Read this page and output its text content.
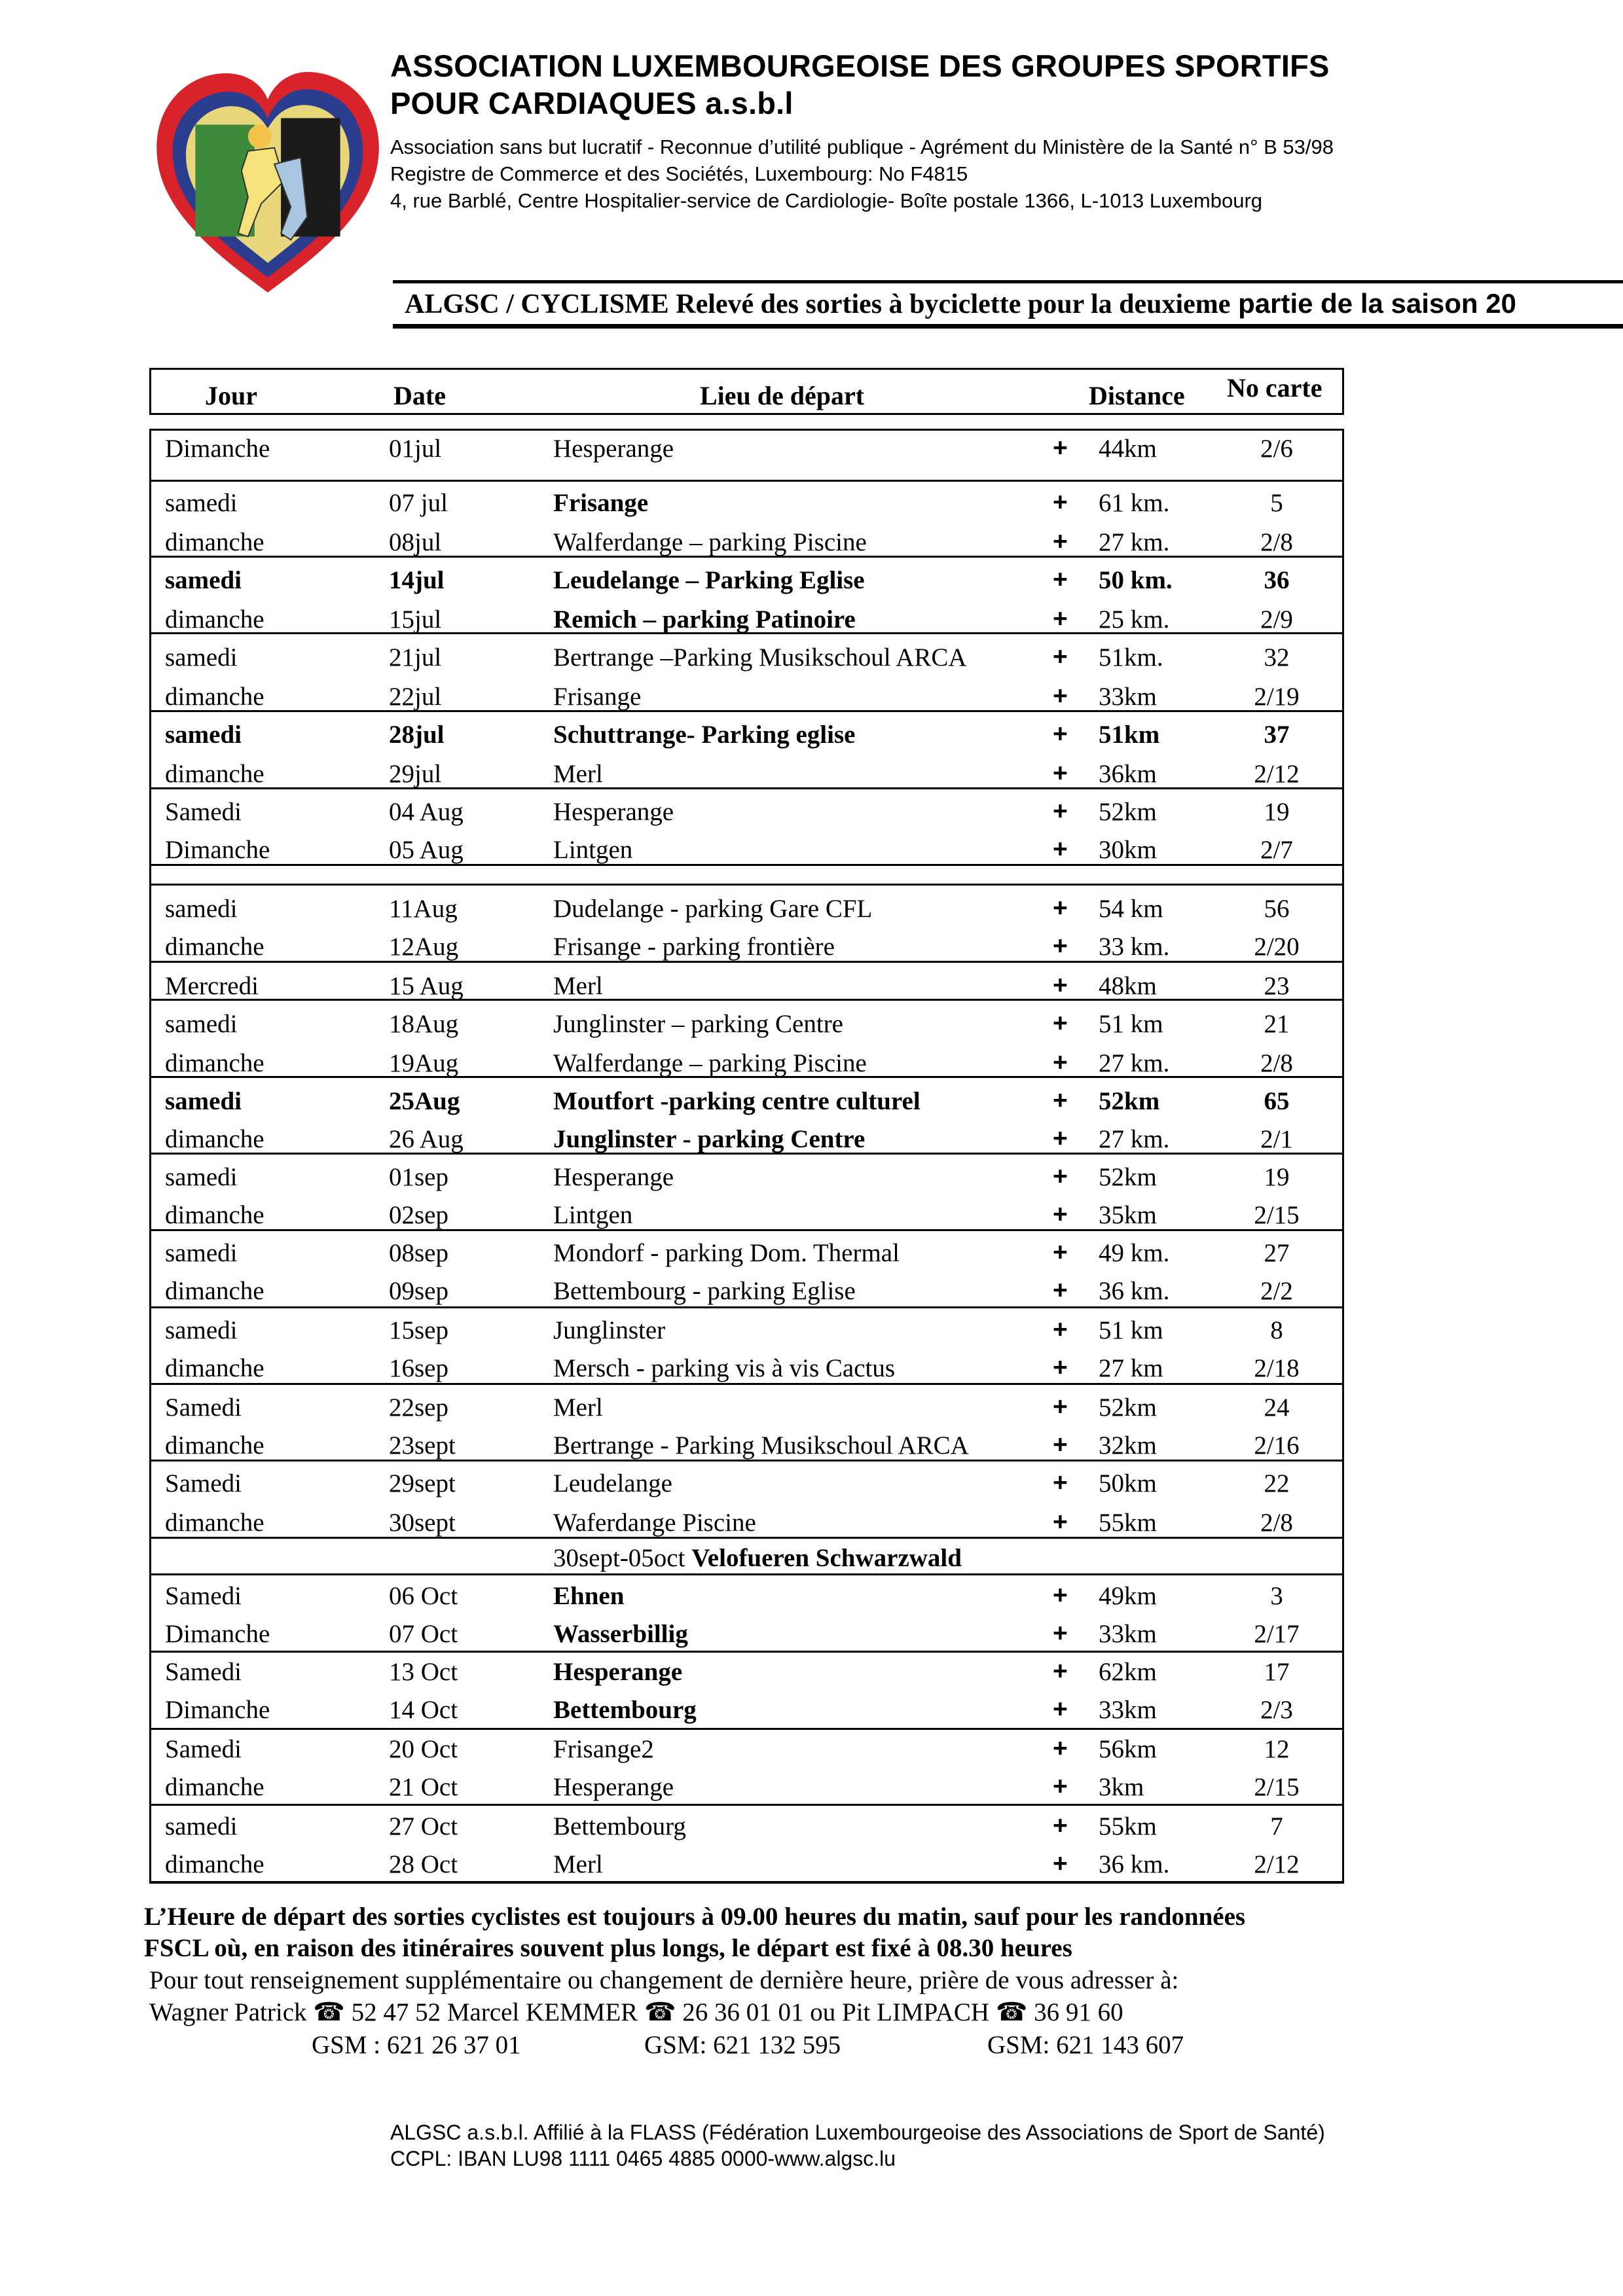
ASSOCIATION LUXEMBOURGEOISE DES GROUPES SPORTIFS
POUR CARDIAQUES a.s.b.l
Association sans but lucratif - Reconnue d’utilité publique - Agrément du Ministère de la Santé n° B 53/98
Registre de Commerce et des Sociétés, Luxembourg: No F4815
4, rue Barblé, Centre Hospitalier-service de Cardiologie- Boîte postale 1366, L-1013 Luxembourg
ALGSC / CYCLISME Relevé des sorties à byciclette pour la deuxieme partie de la saison 20
Jour	Date	Lieu de départ	Distance No carte
Dimanche	01jul	Hesperange	+ 44km	2/6
samedi	07 jul	Frisange	+ 61 km.	5
dimanche	08jul	Walferdange – parking Piscine	+ 27 km.	2/8
samedi	14jul	Leudelange – Parking Eglise	+ 50 km.	36
dimanche	15jul	Remich – parking Patinoire	+ 25 km.	2/9
samedi	21jul	Bertrange –Parking Musikschoul ARCA	+ 51km.	32
dimanche	22jul	Frisange	+ 33km	2/19
samedi	28jul	Schuttrange- Parking eglise	+ 51km	37
dimanche	29jul	Merl	+ 36km	2/12
Samedi	04 Aug	Hesperange	+ 52km	19
Dimanche	05 Aug	Lintgen	+ 30km	2/7
samedi	11Aug	Dudelange - parking Gare CFL	+ 54 km	56
dimanche	12Aug	Frisange - parking frontière	+ 33 km.	2/20
Mercredi	15 Aug	Merl	+ 48km	23
samedi	18Aug	Junglinster – parking Centre	+ 51 km	21
dimanche	19Aug	Walferdange – parking Piscine	+ 27 km.	2/8
samedi	25Aug	Moutfort -parking centre culturel	+ 52km	65
dimanche	26 Aug	Junglinster - parking Centre	+ 27 km.	2/1
samedi	01sep	Hesperange	+ 52km	19
dimanche	02sep	Lintgen	+ 35km	2/15
samedi	08sep	Mondorf - parking Dom. Thermal	+ 49 km.	27
dimanche	09sep	Bettembourg - parking Eglise	+ 36 km.	2/2
samedi	15sep	Junglinster	+ 51 km	8
dimanche	16sep	Mersch - parking vis à vis Cactus	+ 27 km	2/18
Samedi	22sep	Merl	+ 52km	24
dimanche	23sept	Bertrange - Parking Musikschoul ARCA	+ 32km	2/16
Samedi	29sept	Leudelange	+ 50km	22
dimanche	30sept	Waferdange Piscine	+ 55km	2/8
Samedi	06 Oct	Ehnen	+ 49km	3
Dimanche	07 Oct	Wasserbillig	+ 33km	2/17
Samedi	13 Oct	Hesperange	+ 62km	17
Dimanche	14 Oct	Bettembourg	+ 33km	2/3
Samedi	20 Oct	Frisange2	+ 56km	12
dimanche	21 Oct	Hesperange	+ 3km	2/15
samedi	27 Oct	Bettembourg	+ 55km	7
dimanche	28 Oct	Merl	+ 36 km.	2/12
30sept-05oct Velofueren Schwarzwald
L’Heure de départ des sorties cyclistes est toujours à 09.00 heures du matin, sauf pour les randonnées
FSCL où, en raison des itinéraires souvent plus longs, le départ est fixé à 08.30 heures
Pour tout renseignement supplémentaire ou changement de dernière heure, prière de vous adresser à:
Wagner Patrick ☎ 52 47 52 Marcel KEMMER ☎ 26 36 01 01 ou Pit LIMPACH ☎ 36 91 60
GSM : 621 26 37 01	GSM: 621 132 595	GSM: 621 143 607
ALGSC a.s.b.l. Affilié à la FLASS (Fédération Luxembourgeoise des Associations de Sport de Santé)
CCPL: IBAN LU98 1111 0465 4885 0000-www.algsc.lu
